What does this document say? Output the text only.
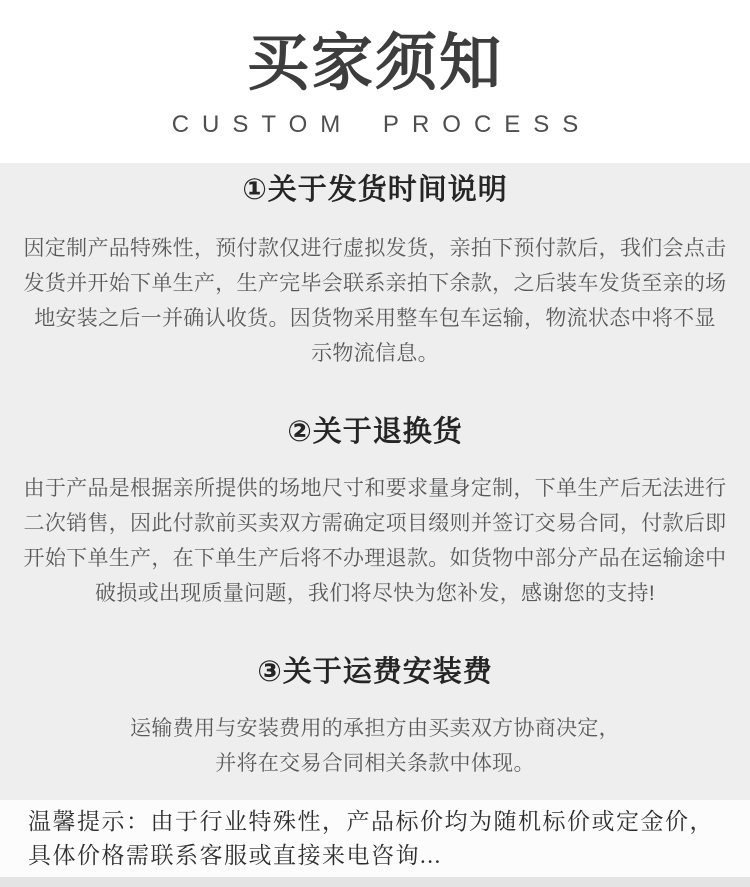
买家须知
CUSTOM PROCESS
①关于发货时间说明
因定制产品特殊性，预付款仅进行虚拟发货，亲拍下预付款后，我们会点击
发货并开始下单生产，生产完毕会联系亲拍下余款，之后装车发货至亲的场
地安装之后一并确认收货。因货物采用整车包车运输，物流状态中将不显
示物流信息。
②关于退换货
由于产品是根据亲所提供的场地尺寸和要求量身定制，下单生产后无法进行
二次销售，因此付款前买卖双方需确定项目缀则并签订交易合同，付款后即
开始下单生产，在下单生产后将不办理退款。如货物中部分产品在运输途中
破损或出现质量问题，我们将尽快为您补发，感谢您的支持!
③关于运费安装费
运输费用与安装费用的承担方由买卖双方协商决定，
并将在交易合同相关条款中体现。
温馨提示：由于行业特殊性，产品标价均为随机标价或定金价，
具体价格需联系客服或直接来电咨询...
